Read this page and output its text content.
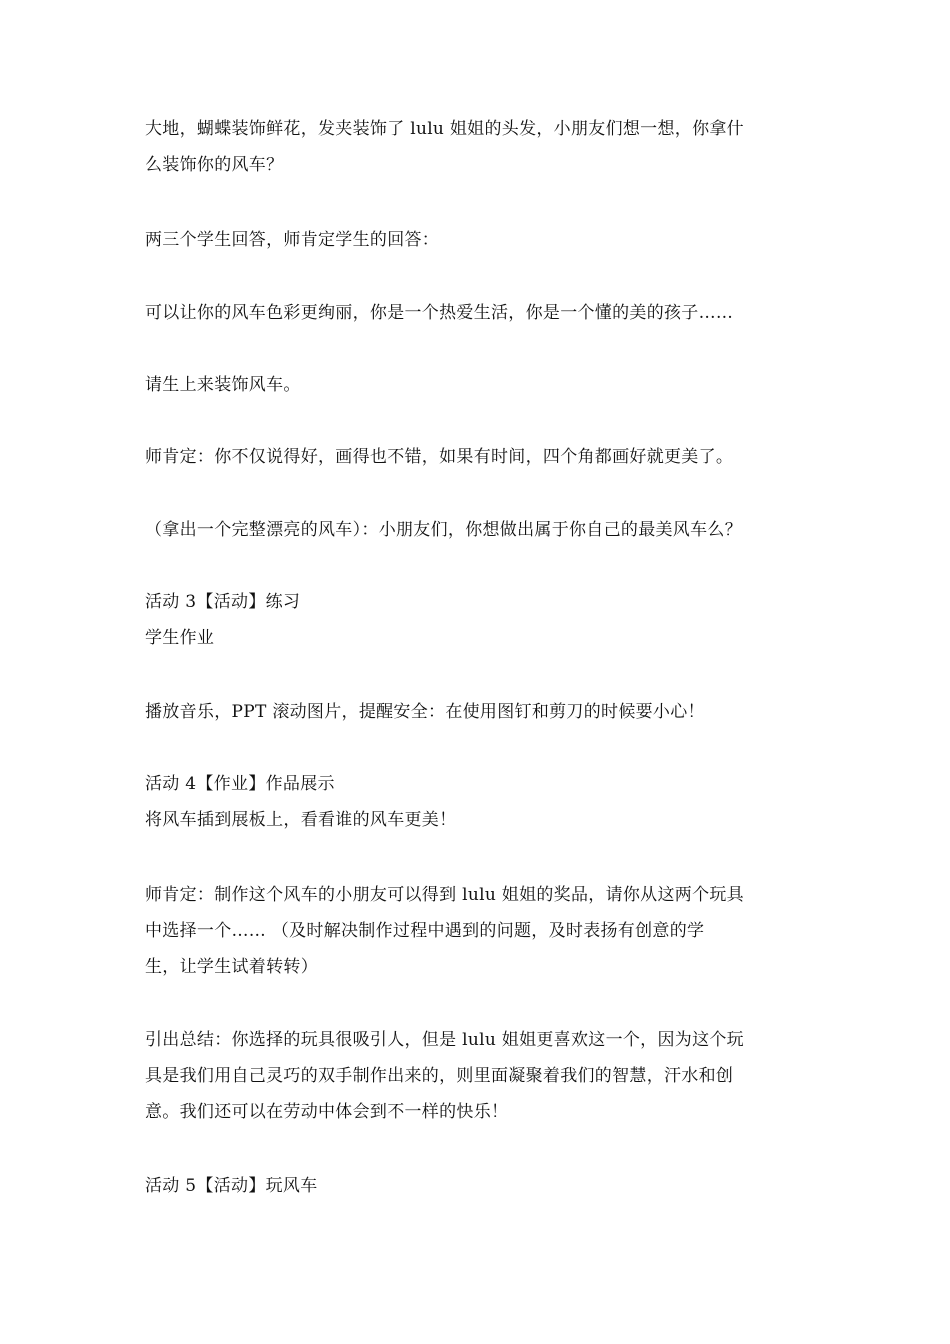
大地，蝴蝶装饰鲜花，发夹装饰了 lulu 姐姐的头发，小朋友们想一想，你拿什
么装饰你的风车？
两三个学生回答，师肯定学生的回答：
可以让你的风车色彩更绚丽，你是一个热爱生活，你是一个懂的美的孩子……
请生上来装饰风车。
师肯定：你不仅说得好，画得也不错，如果有时间，四个角都画好就更美了。
（拿出一个完整漂亮的风车）：小朋友们，你想做出属于你自己的最美风车么？
活动 3【活动】练习
学生作业
播放音乐，PPT 滚动图片，提醒安全：在使用图钉和剪刀的时候要小心！
活动 4【作业】作品展示
将风车插到展板上，看看谁的风车更美！
师肯定：制作这个风车的小朋友可以得到 lulu 姐姐的奖品，请你从这两个玩具
中选择一个…… （及时解决制作过程中遇到的问题，及时表扬有创意的学
生，让学生试着转转）
引出总结：你选择的玩具很吸引人，但是 lulu 姐姐更喜欢这一个，因为这个玩
具是我们用自己灵巧的双手制作出来的，则里面凝聚着我们的智慧，汗水和创
意。我们还可以在劳动中体会到不一样的快乐！
活动 5【活动】玩风车
